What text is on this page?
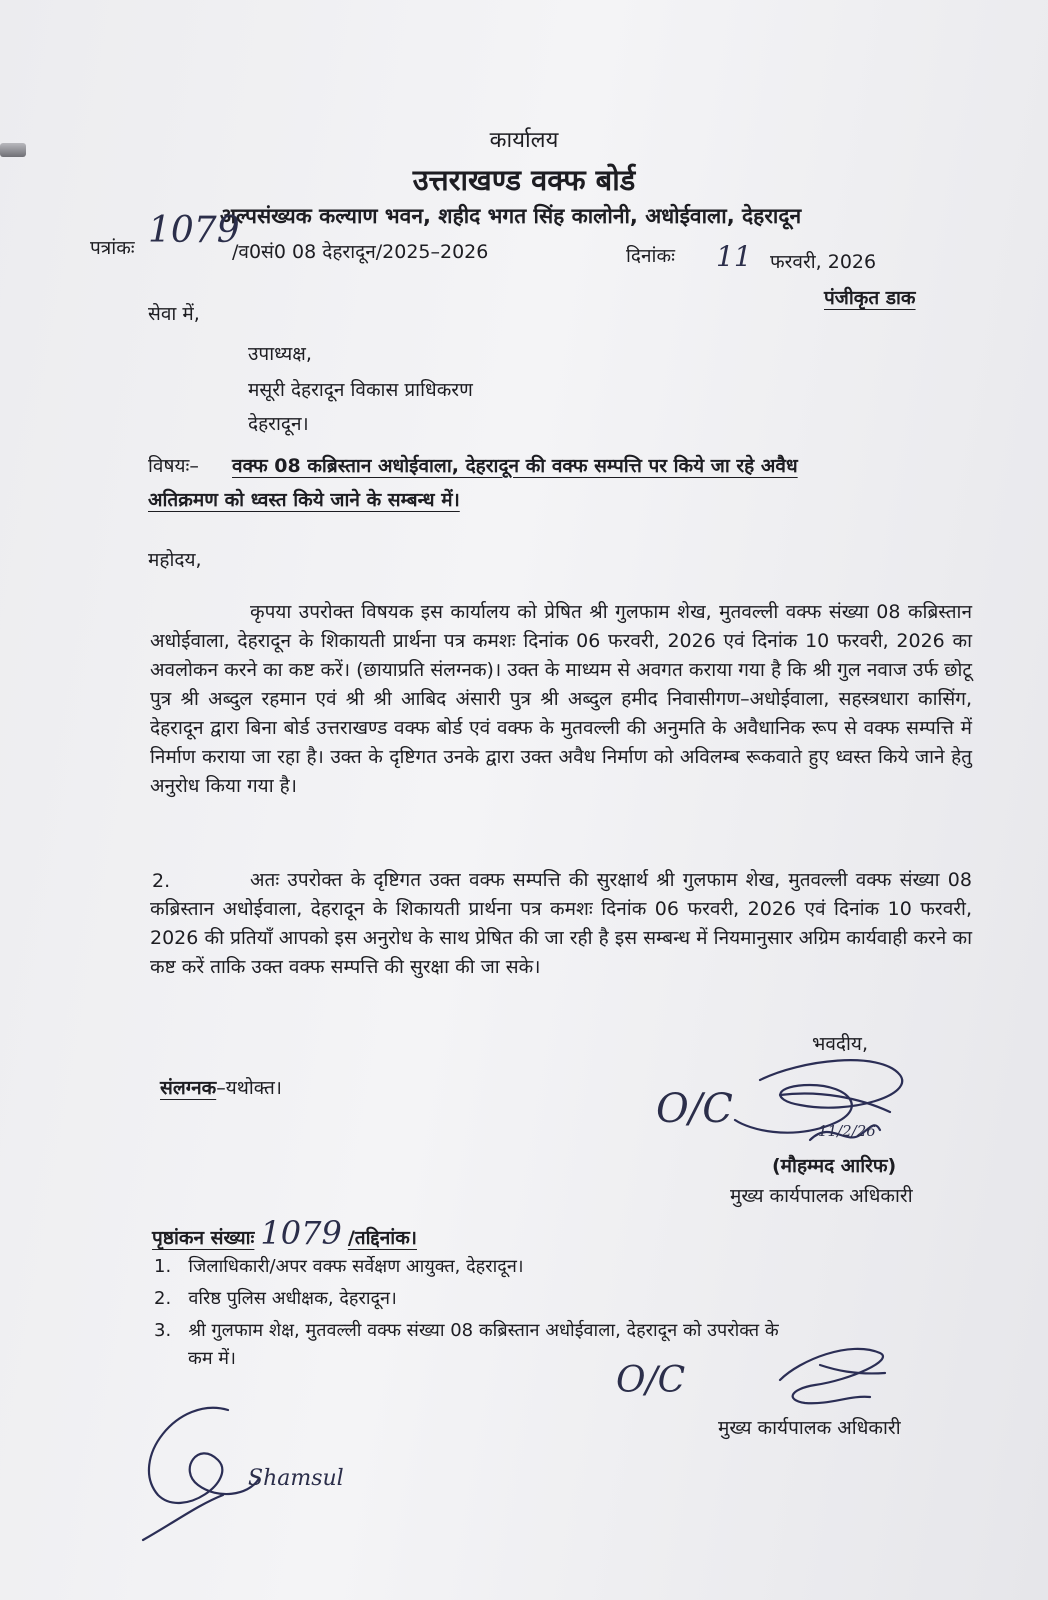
कार्यालय
उत्तराखण्ड वक्फ बोर्ड
अल्पसंख्यक कल्याण भवन, शहीद भगत सिंह कालोनी, अधोईवाला, देहरादून
पत्रांकः 1079
/व0सं0 08 देहरादून/2025–2026	दिनांकः 11 फरवरी, 2026
पंजीकृत डाक
सेवा में,
उपाध्यक्ष,
मसूरी देहरादून विकास प्राधिकरण
देहरादून।
विषयः– वक्फ 08 कब्रिस्तान अधोईवाला, देहरादून की वक्फ सम्पत्ति पर किये जा रहे अवैध
अतिक्रमण को ध्वस्त किये जाने के सम्बन्ध में।
महोदय,
कृपया उपरोक्त विषयक इस कार्यालय को प्रेषित श्री गुलफाम शेख, मुतवल्ली वक्फ संख्या 08 कब्रिस्तान अधोईवाला, देहरादून के शिकायती प्रार्थना पत्र कमशः दिनांक 06 फरवरी, 2026 एवं दिनांक 10 फरवरी, 2026 का अवलोकन करने का कष्ट करें। (छायाप्रति संलग्नक)। उक्त के माध्यम से अवगत कराया गया है कि श्री गुल नवाज उर्फ छोटू पुत्र श्री अब्दुल रहमान एवं श्री श्री आबिद अंसारी पुत्र श्री अब्दुल हमीद निवासीगण–अधोईवाला, सहस्त्रधारा कासिंग, देहरादून द्वारा बिना बोर्ड उत्तराखण्ड वक्फ बोर्ड एवं वक्फ के मुतवल्ली की अनुमति के अवैधानिक रूप से वक्फ सम्पत्ति में निर्माण कराया जा रहा है। उक्त के दृष्टिगत उनके द्वारा उक्त अवैध निर्माण को अविलम्ब रूकवाते हुए ध्वस्त किये जाने हेतु अनुरोध किया गया है।
2.	अतः उपरोक्त के दृष्टिगत उक्त वक्फ सम्पत्ति की सुरक्षार्थ श्री गुलफाम शेख, मुतवल्ली वक्फ संख्या 08 कब्रिस्तान अधोईवाला, देहरादून के शिकायती प्रार्थना पत्र कमशः दिनांक 06 फरवरी, 2026 एवं दिनांक 10 फरवरी, 2026 की प्रतियॉं आपको इस अनुरोध के साथ प्रेषित की जा रही है इस सम्बन्ध में नियमानुसार अग्रिम कार्यवाही करने का कष्ट करें ताकि उक्त वक्फ सम्पत्ति की सुरक्षा की जा सके।
भवदीय,
संलग्नक–यथोक्त।	O/C	11/2/26
(मौहम्मद आरिफ)
मुख्य कार्यपालक अधिकारी
पृष्ठांकन संख्याः 1079 /तद्दिनांक।
1. जिलाधिकारी/अपर वक्फ सर्वेक्षण आयुक्त, देहरादून।
2. वरिष्ठ पुलिस अधीक्षक, देहरादून।
3. श्री गुलफाम शेक्ष, मुतवल्ली वक्फ संख्या 08 कब्रिस्तान अधोईवाला, देहरादून को उपरोक्त के
कम में।
O/C
मुख्य कार्यपालक अधिकारी
Shamsul
